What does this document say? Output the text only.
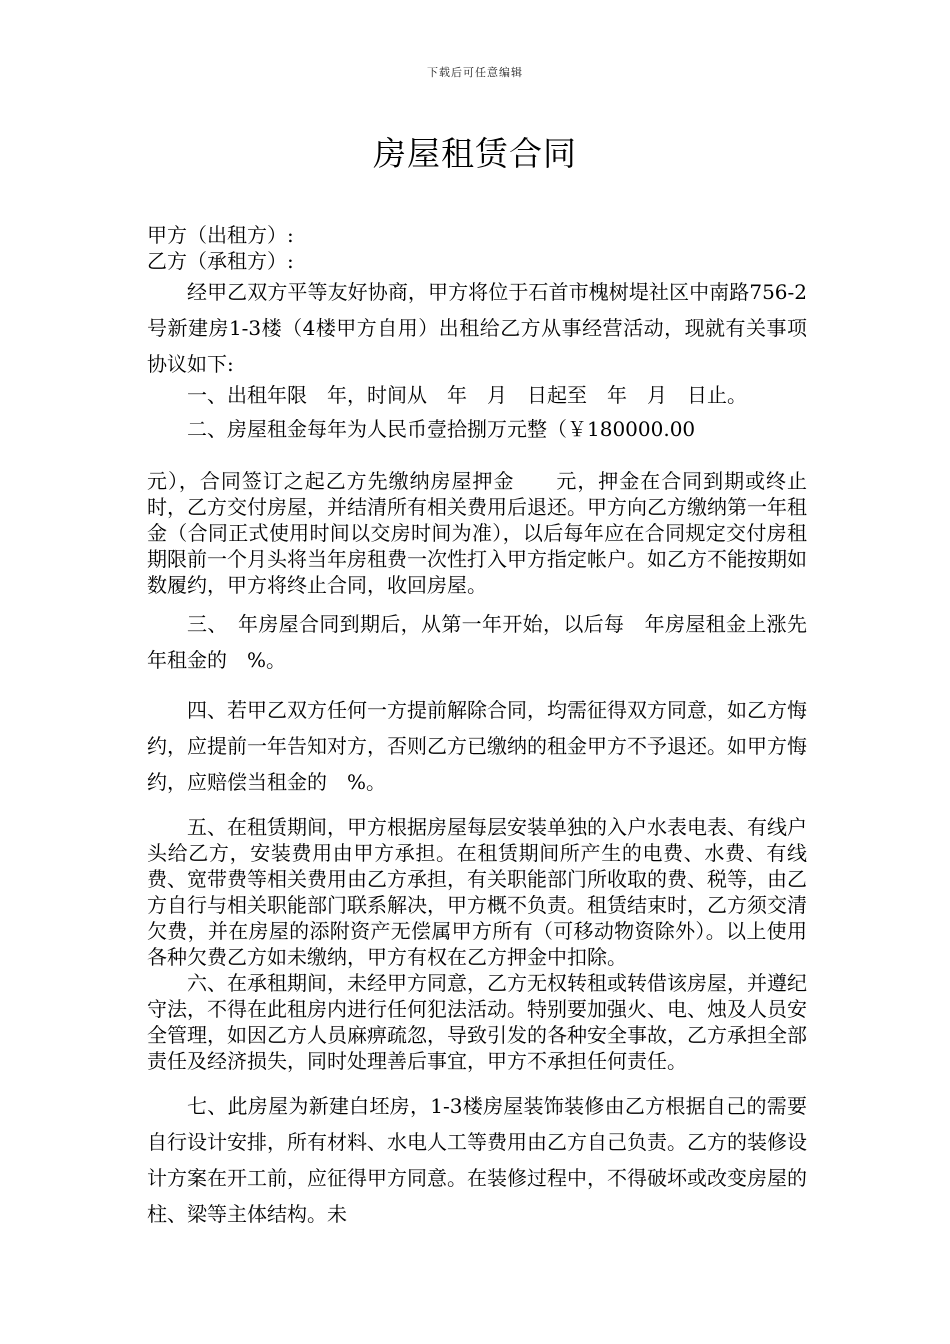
下载后可任意编辑
房屋租赁合同
甲方（出租方）:
乙方（承租方）:

经甲乙双方平等友好协商，甲方将位于石首市槐树堤社区中南路756-2号新建房1-3楼（4楼甲方自用）出租给乙方从事经营活动，现就有关事项协议如下:

一、出租年限　年，时间从　年　月　日起至　年　月　日止。

二、房屋租金每年为人民币壹拾捌万元整（￥180000.00

元），合同签订之起乙方先缴纳房屋押金　　元，押金在合同到期或终止时，乙方交付房屋，并结清所有相关费用后退还。甲方向乙方缴纳第一年租金（合同正式使用时间以交房时间为准），以后每年应在合同规定交付房租期限前一个月头将当年房租费一次性打入甲方指定帐户。如乙方不能按期如数履约，甲方将终止合同，收回房屋。

三、　年房屋合同到期后，从第一年开始，以后每　年房屋租金上涨先年租金的　%。

四、若甲乙双方任何一方提前解除合同，均需征得双方同意，如乙方悔约，应提前一年告知对方，否则乙方已缴纳的租金甲方不予退还。如甲方悔约，应赔偿当租金的　%。

五、在租赁期间，甲方根据房屋每层安装单独的入户水表电表、有线户头给乙方，安装费用由甲方承担。在租赁期间所产生的电费、水费、有线费、宽带费等相关费用由乙方承担，有关职能部门所收取的费、税等，由乙方自行与相关职能部门联系解决，甲方概不负责。租赁结束时，乙方须交清欠费，并在房屋的添附资产无偿属甲方所有（可移动物资除外）。以上使用各种欠费乙方如未缴纳，甲方有权在乙方押金中扣除。

六、在承租期间，未经甲方同意，乙方无权转租或转借该房屋，并遵纪守法，不得在此租房内进行任何犯法活动。特别要加强火、电、烛及人员安全管理，如因乙方人员麻痹疏忽，导致引发的各种安全事故，乙方承担全部责任及经济损失，同时处理善后事宜，甲方不承担任何责任。

七、此房屋为新建白坯房，1-3楼房屋装饰装修由乙方根据自己的需要自行设计安排，所有材料、水电人工等费用由乙方自己负责。乙方的装修设计方案在开工前，应征得甲方同意。在装修过程中，不得破坏或改变房屋的柱、梁等主体结构。未
